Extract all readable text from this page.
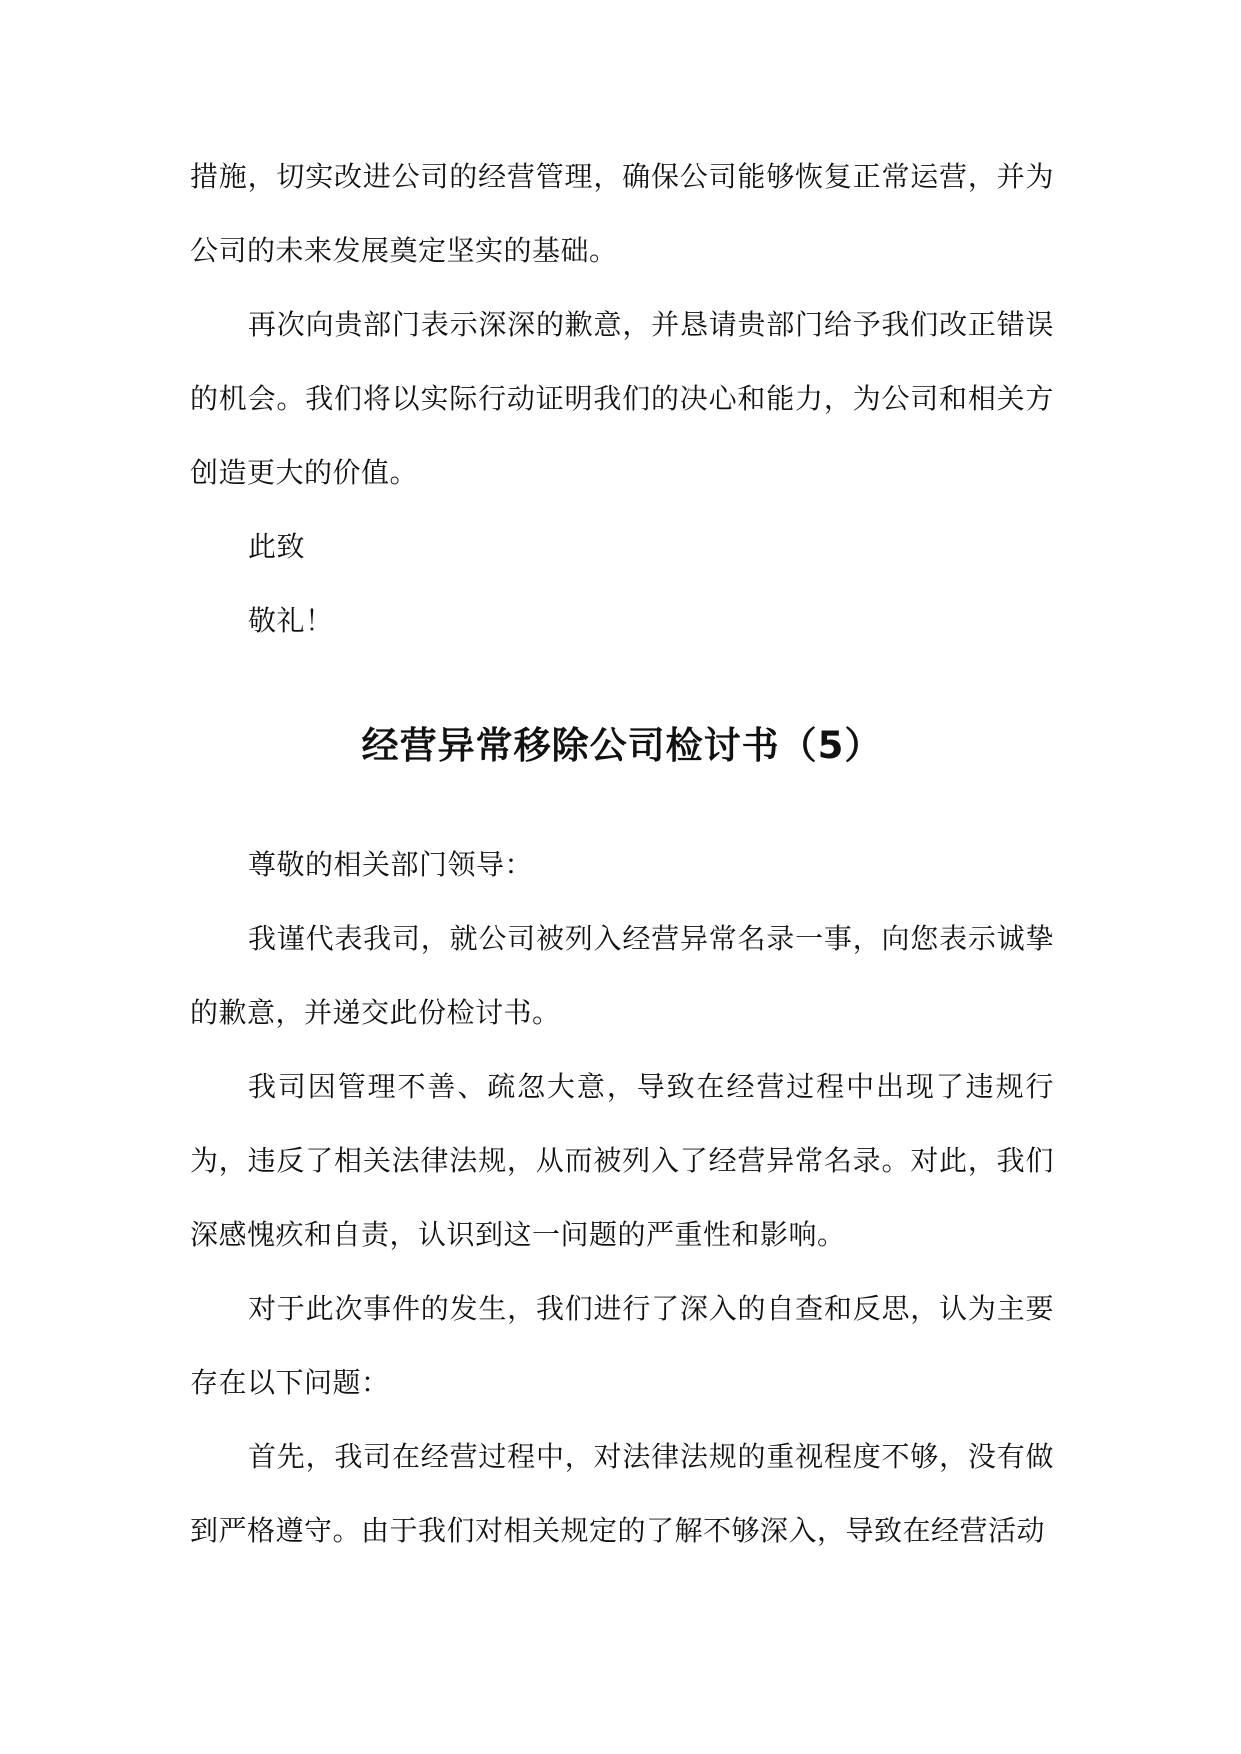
措施，切实改进公司的经营管理，确保公司能够恢复正常运营，并为公司的未来发展奠定坚实的基础。

再次向贵部门表示深深的歉意，并恳请贵部门给予我们改正错误的机会。我们将以实际行动证明我们的决心和能力，为公司和相关方创造更大的价值。

此致

敬礼！

经营异常移除公司检讨书（5）

尊敬的相关部门领导：

我谨代表我司，就公司被列入经营异常名录一事，向您表示诚挚的歉意，并递交此份检讨书。

我司因管理不善、疏忽大意，导致在经营过程中出现了违规行为，违反了相关法律法规，从而被列入了经营异常名录。对此，我们深感愧疚和自责，认识到这一问题的严重性和影响。

对于此次事件的发生，我们进行了深入的自查和反思，认为主要存在以下问题：

首先，我司在经营过程中，对法律法规的重视程度不够，没有做到严格遵守。由于我们对相关规定的了解不够深入，导致在经营活动
